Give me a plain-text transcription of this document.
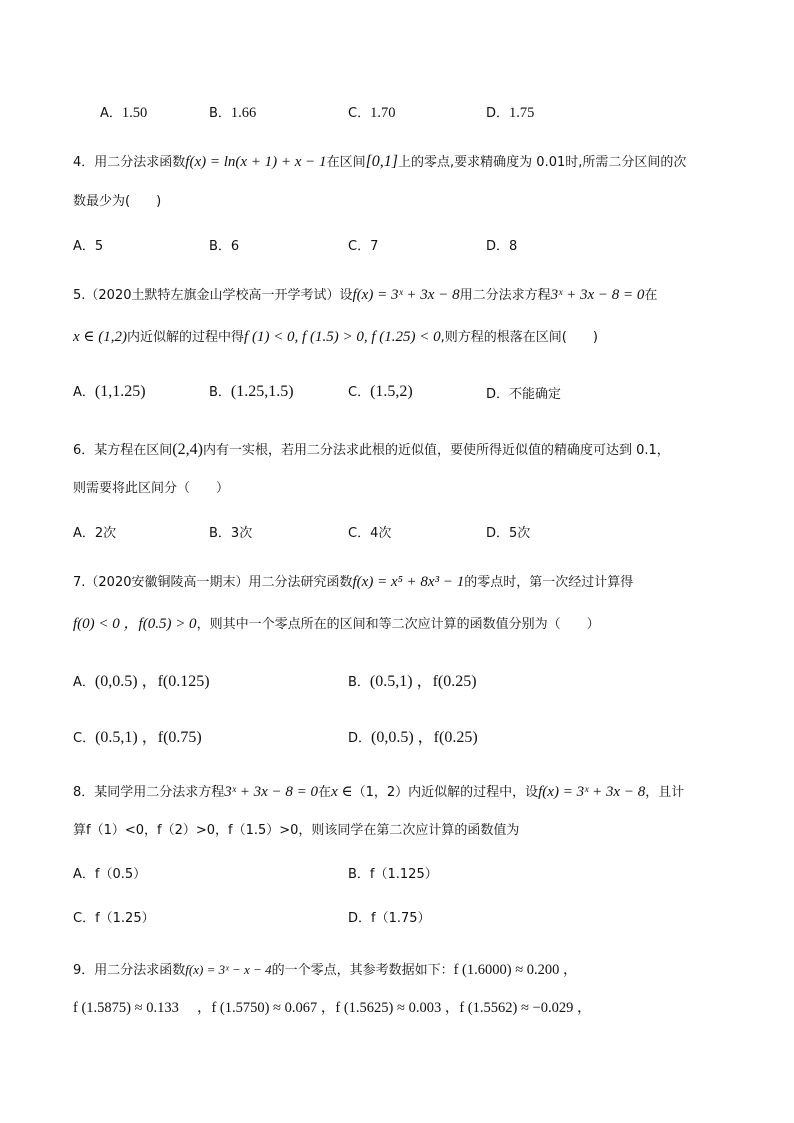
A．1.50	B．1.66	C．1.70	D．1.75
4．用二分法求函数f(x) = ln(x + 1) + x − 1在区间[0,1]上的零点,要求精确度为 0.01时,所需二分区间的次
数最少为(　　)
A．5	B．6	C．7	D．8
5.（2020土默特左旗金山学校高一开学考试）设f(x) = 3ˣ + 3x − 8用二分法求方程3ˣ + 3x − 8 = 0在
x ∈ (1,2)内近似解的过程中得f (1) < 0, f (1.5) > 0, f (1.25) < 0,则方程的根落在区间(　　)
A．(1,1.25)	B．(1.25,1.5)	C．(1.5,2)	D．不能确定
6．某方程在区间(2,4)内有一实根，若用二分法求此根的近似值，要使所得近似值的精确度可达到 0.1，
则需要将此区间分（　　）
A．2次	B．3次	C．4次	D．5次
7.（2020安徽铜陵高一期末）用二分法研究函数f(x) = x⁵ + 8x³ − 1的零点时，第一次经过计算得
f(0) < 0 ，f(0.5) > 0，则其中一个零点所在的区间和等二次应计算的函数值分别为（　　）
A．(0,0.5) ，f(0.125)	B．(0.5,1) ，f(0.25)
C．(0.5,1) ，f(0.75)	D．(0,0.5) ，f(0.25)
8．某同学用二分法求方程3ˣ + 3x − 8 = 0在x ∈（1，2）内近似解的过程中，设f(x) = 3ˣ + 3x − 8，且计
算f（1）<0，f（2）>0，f（1.5）>0，则该同学在第二次应计算的函数值为
A．f（0.5）	B．f（1.125）
C．f（1.25）	D．f（1.75）
9．用二分法求函数f(x) = 3ˣ − x − 4的一个零点，其参考数据如下：f (1.6000) ≈ 0.200 ，
f (1.5875) ≈ 0.133　 ，f (1.5750) ≈ 0.067 ，f (1.5625) ≈ 0.003 ，f (1.5562) ≈ −0.029 ，
